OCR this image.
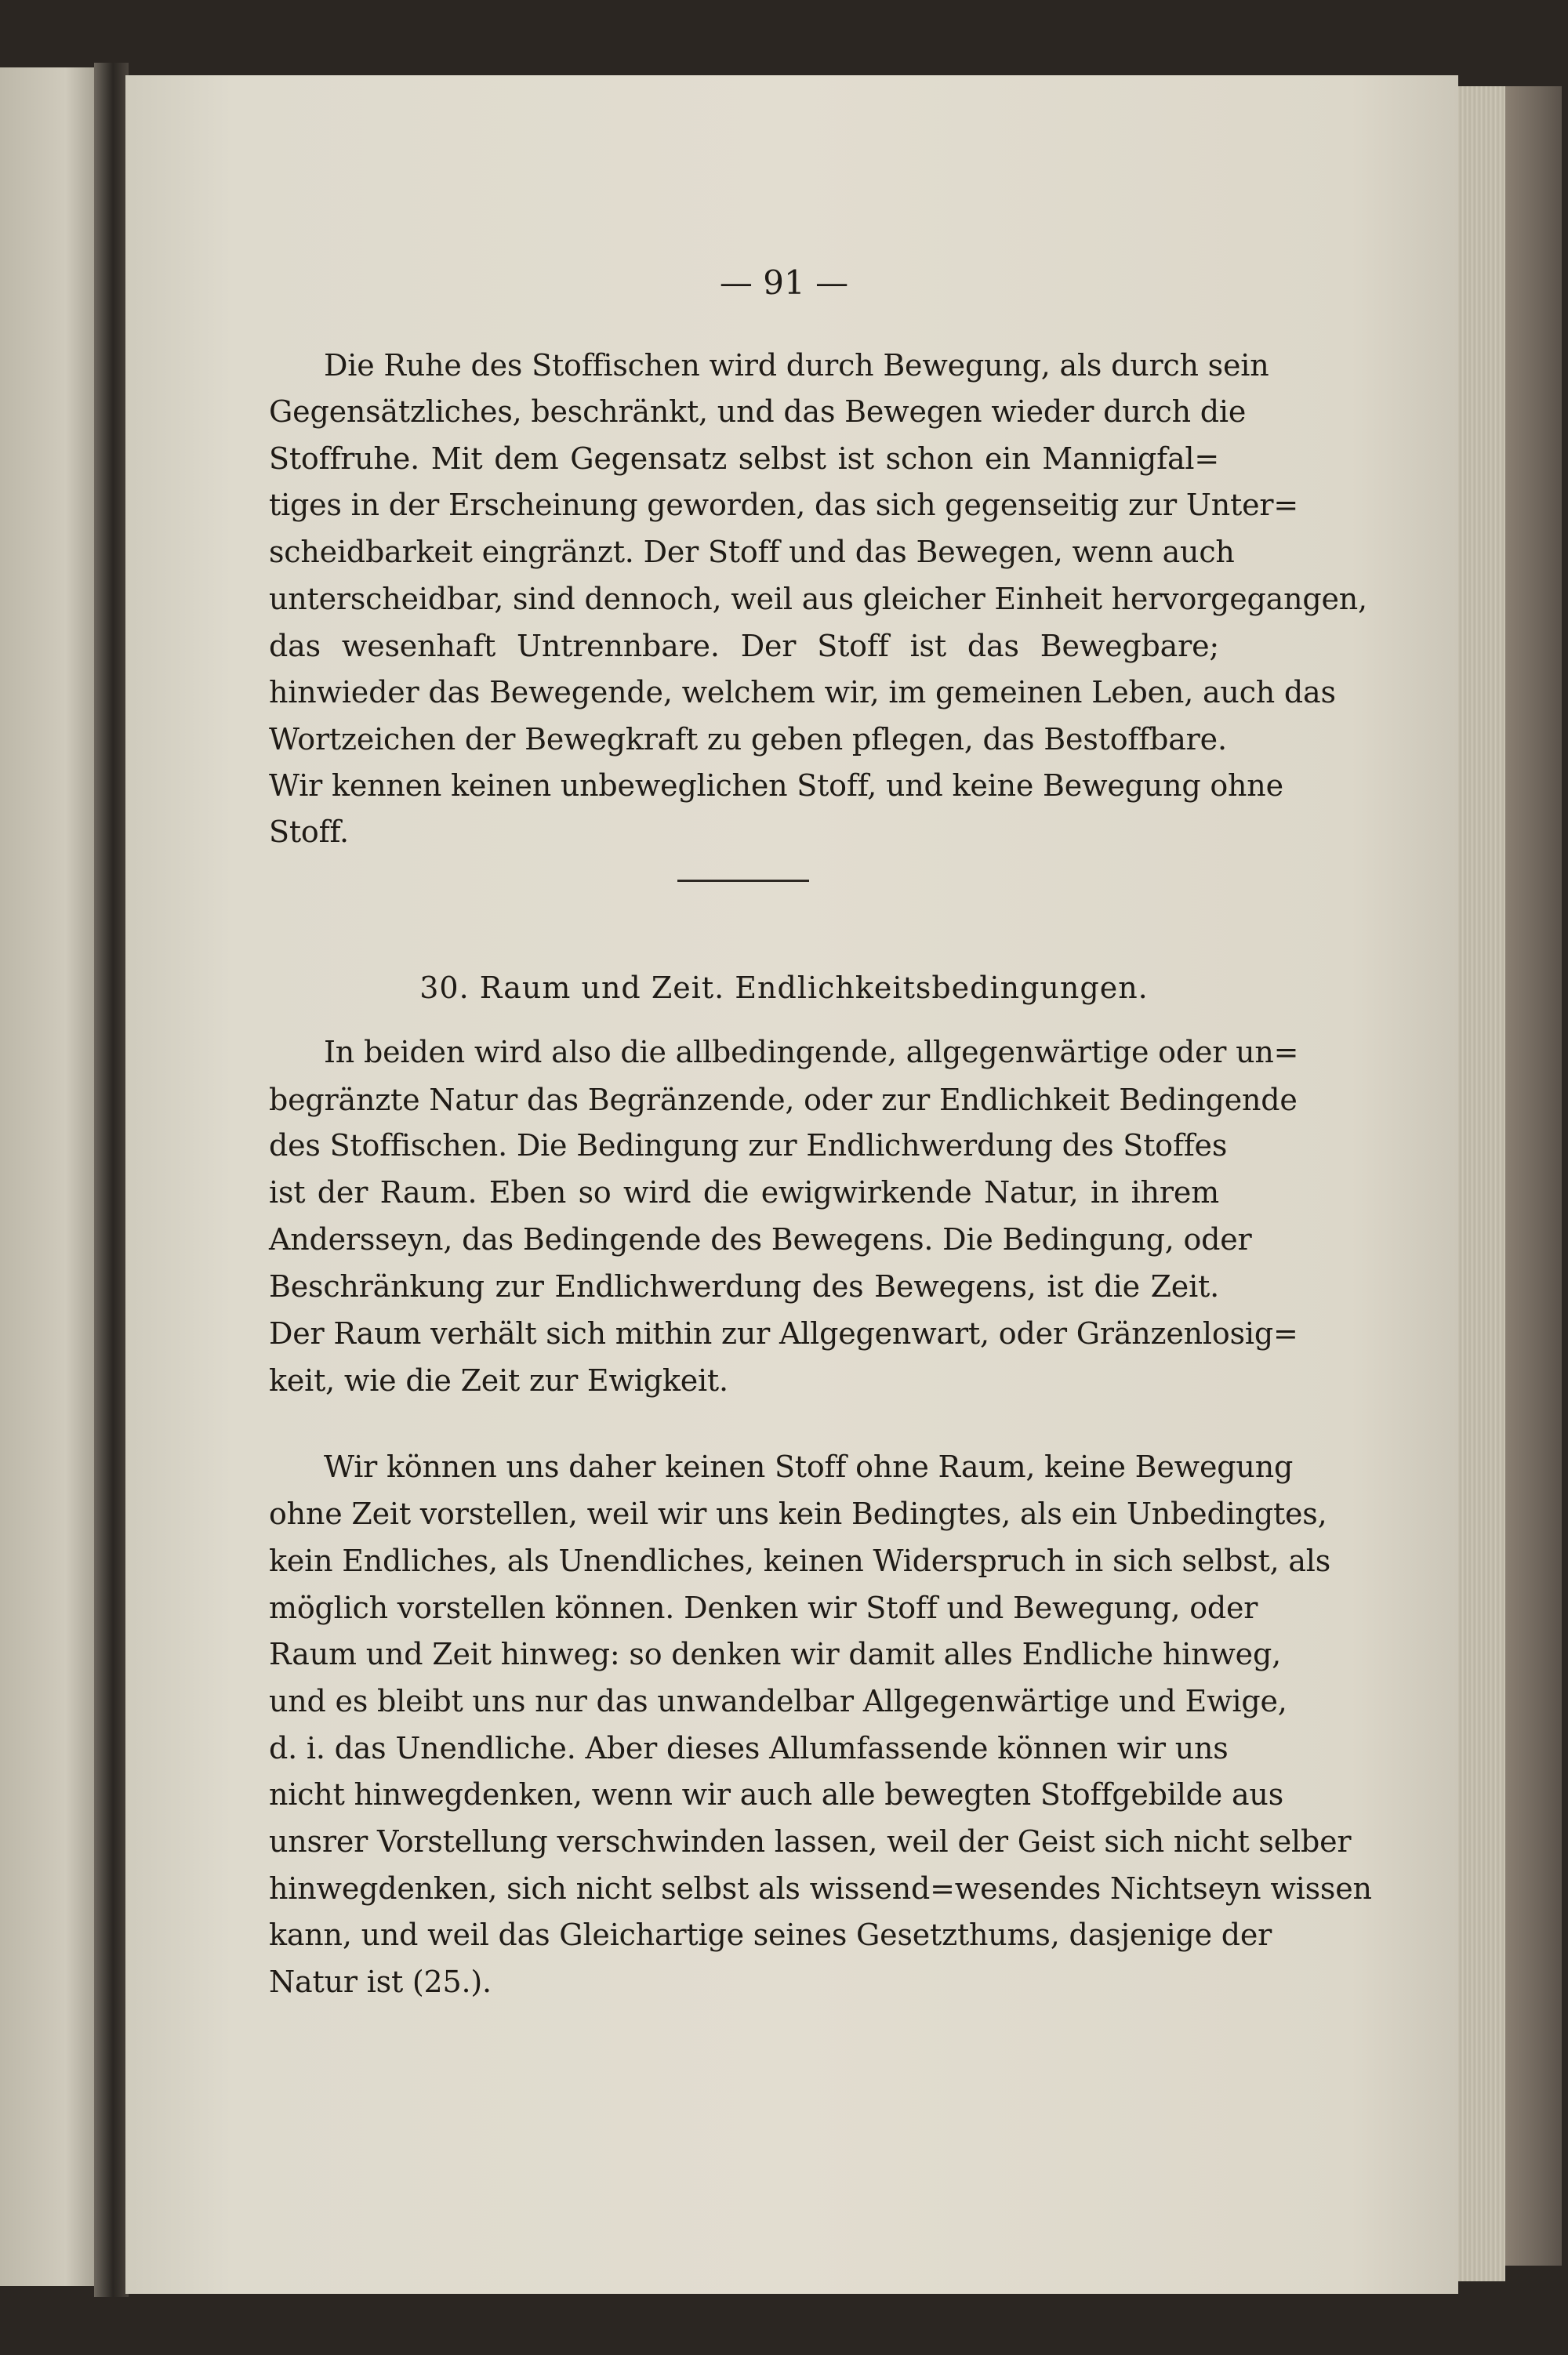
— 91 —
Die Ruhe des Stoffischen wird durch Bewegung, als durch sein
Gegensätzliches, beschränkt, und das Bewegen wieder durch die
Stoffruhe. Mit dem Gegensatz selbst ist schon ein Mannigfal=
tiges in der Erscheinung geworden, das sich gegenseitig zur Unter=
scheidbarkeit eingränzt. Der Stoff und das Bewegen, wenn auch
unterscheidbar, sind dennoch, weil aus gleicher Einheit hervorgegangen,
das wesenhaft Untrennbare. Der Stoff ist das Bewegbare;
hinwieder das Bewegende, welchem wir, im gemeinen Leben, auch das
Wortzeichen der Bewegkraft zu geben pflegen, das Bestoffbare.
Wir kennen keinen unbeweglichen Stoff, und keine Bewegung ohne
Stoff.
30. Raum und Zeit. Endlichkeitsbedingungen.
In beiden wird also die allbedingende, allgegenwärtige oder un=
begränzte Natur das Begränzende, oder zur Endlichkeit Bedingende
des Stoffischen. Die Bedingung zur Endlichwerdung des Stoffes
ist der Raum. Eben so wird die ewigwirkende Natur, in ihrem
Andersseyn, das Bedingende des Bewegens. Die Bedingung, oder
Beschränkung zur Endlichwerdung des Bewegens, ist die Zeit.
Der Raum verhält sich mithin zur Allgegenwart, oder Gränzenlosig=
keit, wie die Zeit zur Ewigkeit.
Wir können uns daher keinen Stoff ohne Raum, keine Bewegung
ohne Zeit vorstellen, weil wir uns kein Bedingtes, als ein Unbedingtes,
kein Endliches, als Unendliches, keinen Widerspruch in sich selbst, als
möglich vorstellen können. Denken wir Stoff und Bewegung, oder
Raum und Zeit hinweg: so denken wir damit alles Endliche hinweg,
und es bleibt uns nur das unwandelbar Allgegenwärtige und Ewige,
d. i. das Unendliche. Aber dieses Allumfassende können wir uns
nicht hinwegdenken, wenn wir auch alle bewegten Stoffgebilde aus
unsrer Vorstellung verschwinden lassen, weil der Geist sich nicht selber
hinwegdenken, sich nicht selbst als wissend=wesendes Nichtseyn wissen
kann, und weil das Gleichartige seines Gesetzthums, dasjenige der
Natur ist (25.).
